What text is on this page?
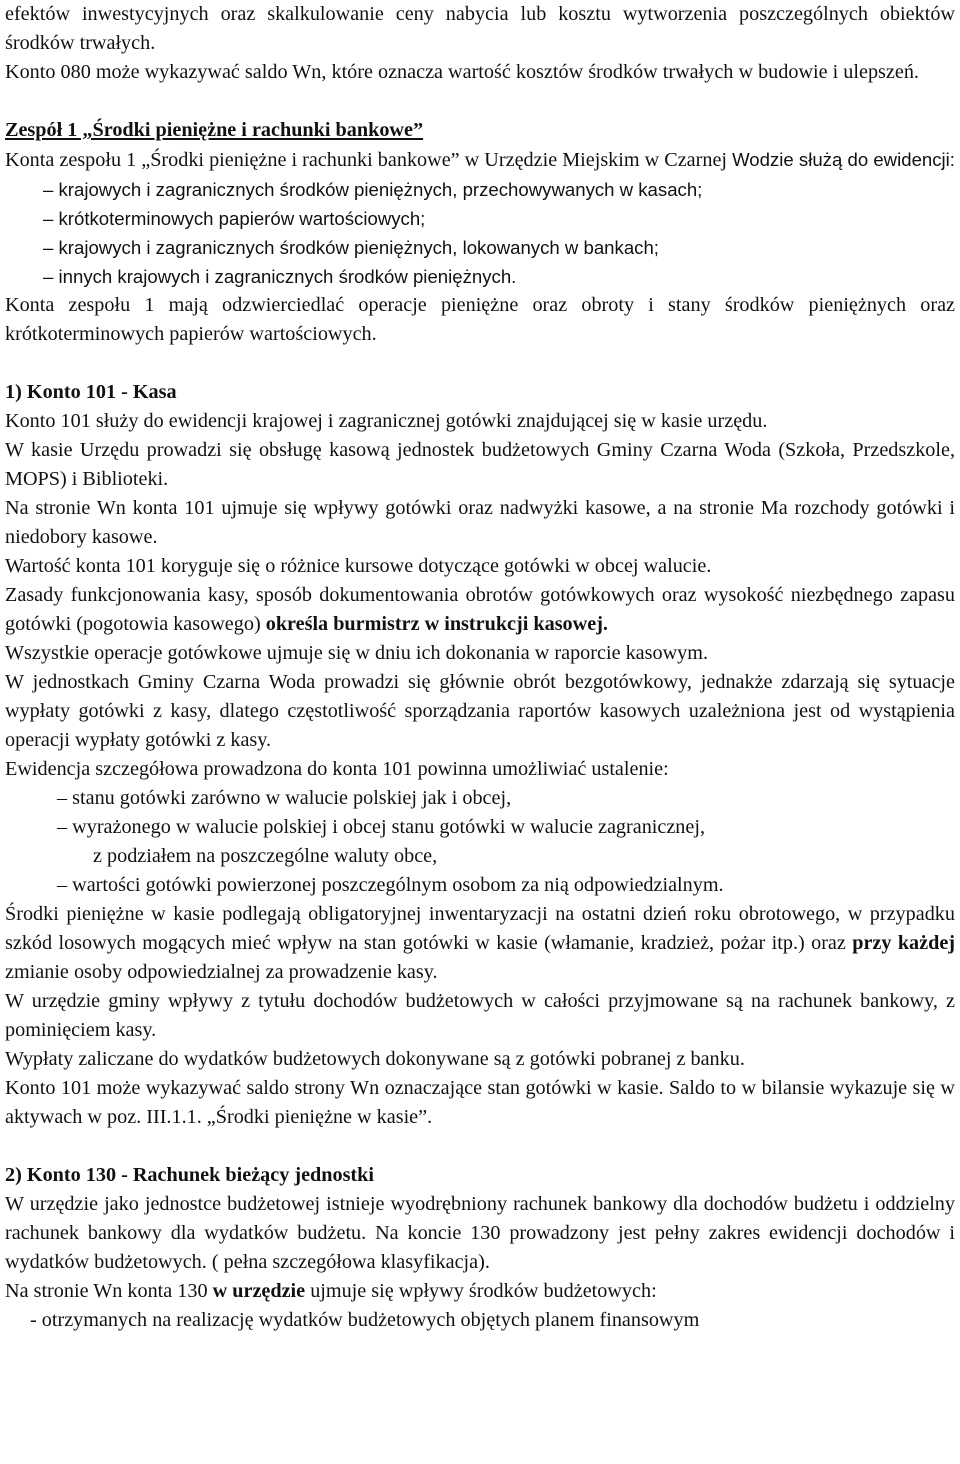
efektów inwestycyjnych oraz skalkulowanie ceny nabycia lub kosztu wytworzenia poszczególnych obiektów środków trwałych.

Konto 080 może wykazywać saldo Wn, które oznacza wartość kosztów środków trwałych w budowie i ulepszeń.

Zespół 1 „Środki pieniężne i rachunki bankowe”

Konta zespołu 1 „Środki pieniężne i rachunki bankowe” w Urzędzie Miejskim w Czarnej Wodzie służą do ewidencji:

– krajowych i zagranicznych środków pieniężnych, przechowywanych w kasach;

– krótkoterminowych papierów wartościowych;

– krajowych i zagranicznych środków pieniężnych, lokowanych w bankach;

– innych krajowych i zagranicznych środków pieniężnych.

Konta zespołu 1 mają odzwierciedlać operacje pieniężne oraz obroty i stany środków pieniężnych oraz krótkoterminowych papierów wartościowych.

1) Konto 101 - Kasa

Konto 101 służy do ewidencji krajowej i zagranicznej gotówki znajdującej się w kasie urzędu.

W kasie Urzędu prowadzi się obsługę kasową jednostek budżetowych Gminy Czarna Woda (Szkoła, Przedszkole, MOPS) i Biblioteki.

Na stronie Wn konta 101 ujmuje się wpływy gotówki oraz nadwyżki kasowe, a na stronie Ma rozchody gotówki i niedobory kasowe.

Wartość konta 101 koryguje się o różnice kursowe dotyczące gotówki w obcej walucie.

Zasady funkcjonowania kasy, sposób dokumentowania obrotów gotówkowych oraz wysokość niezbędnego zapasu gotówki (pogotowia kasowego) określa burmistrz w instrukcji kasowej.

Wszystkie operacje gotówkowe ujmuje się w dniu ich dokonania w raporcie kasowym.

W jednostkach Gminy Czarna Woda prowadzi się głównie obrót bezgotówkowy, jednakże zdarzają się sytuacje wypłaty gotówki z kasy, dlatego częstotliwość sporządzania raportów kasowych uzależniona jest od wystąpienia operacji wypłaty gotówki z kasy.

Ewidencja szczegółowa prowadzona do konta 101 powinna umożliwiać ustalenie:

– stanu gotówki zarówno w walucie polskiej jak i obcej,

– wyrażonego w walucie polskiej i obcej stanu gotówki w walucie zagranicznej,

z podziałem na poszczególne waluty obce,

– wartości gotówki powierzonej poszczególnym osobom za nią odpowiedzialnym.

Środki pieniężne w kasie podlegają obligatoryjnej inwentaryzacji na ostatni dzień roku obrotowego, w przypadku szkód losowych mogących mieć wpływ na stan gotówki w kasie (włamanie, kradzież, pożar itp.) oraz przy każdej zmianie osoby odpowiedzialnej za prowadzenie kasy.

W urzędzie gminy wpływy z tytułu dochodów budżetowych w całości przyjmowane są na rachunek bankowy, z pominięciem kasy.

Wypłaty zaliczane do wydatków budżetowych dokonywane są z gotówki pobranej z banku.

Konto 101 może wykazywać saldo strony Wn oznaczające stan gotówki w kasie. Saldo to w bilansie wykazuje się w aktywach w poz. III.1.1. „Środki pieniężne w kasie”.

2) Konto 130 - Rachunek bieżący jednostki

W urzędzie jako jednostce budżetowej istnieje wyodrębniony rachunek bankowy dla dochodów budżetu i oddzielny rachunek bankowy dla wydatków budżetu. Na koncie 130 prowadzony jest pełny zakres ewidencji dochodów i wydatków budżetowych. ( pełna szczegółowa klasyfikacja).

Na stronie Wn konta 130 w urzędzie ujmuje się wpływy środków budżetowych:

- otrzymanych na realizację wydatków budżetowych objętych planem finansowym
